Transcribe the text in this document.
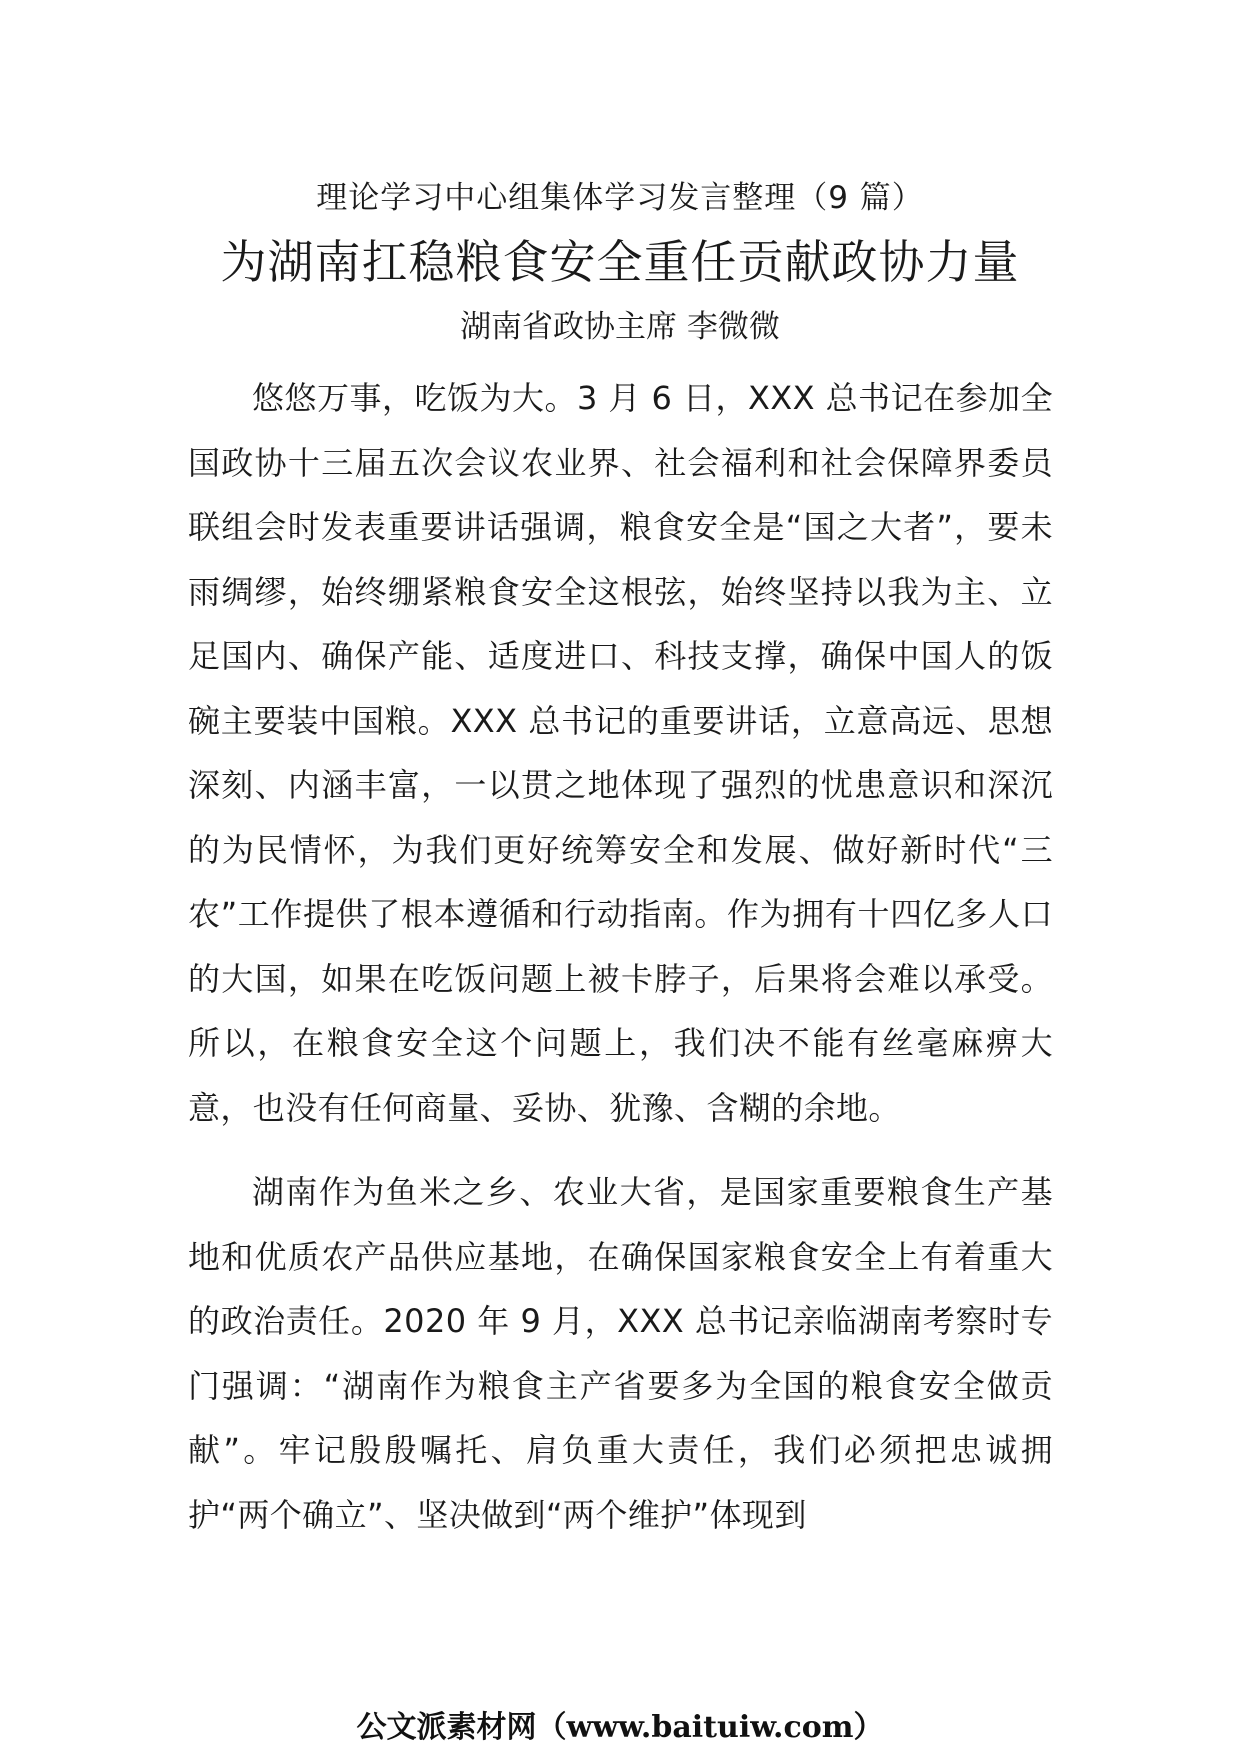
理论学习中心组集体学习发言整理（9 篇）
为湖南扛稳粮食安全重任贡献政协力量
湖南省政协主席 李微微

悠悠万事，吃饭为大。3 月 6 日，XXX 总书记在参加全国政协十三届五次会议农业界、社会福利和社会保障界委员联组会时发表重要讲话强调，粮食安全是“国之大者”，要未雨绸缪，始终绷紧粮食安全这根弦，始终坚持以我为主、立足国内、确保产能、适度进口、科技支撑，确保中国人的饭碗主要装中国粮。XXX 总书记的重要讲话，立意高远、思想深刻、内涵丰富，一以贯之地体现了强烈的忧患意识和深沉的为民情怀，为我们更好统筹安全和发展、做好新时代“三农”工作提供了根本遵循和行动指南。作为拥有十四亿多人口的大国，如果在吃饭问题上被卡脖子，后果将会难以承受。所以，在粮食安全这个问题上，我们决不能有丝毫麻痹大意，也没有任何商量、妥协、犹豫、含糊的余地。

湖南作为鱼米之乡、农业大省，是国家重要粮食生产基地和优质农产品供应基地，在确保国家粮食安全上有着重大的政治责任。2020 年 9 月，XXX 总书记亲临湖南考察时专门强调：“湖南作为粮食主产省要多为全国的粮食安全做贡献”。牢记殷殷嘱托、肩负重大责任，我们必须把忠诚拥护“两个确立”、坚决做到“两个维护”体现到

公文派素材网（www.baituiw.com）
